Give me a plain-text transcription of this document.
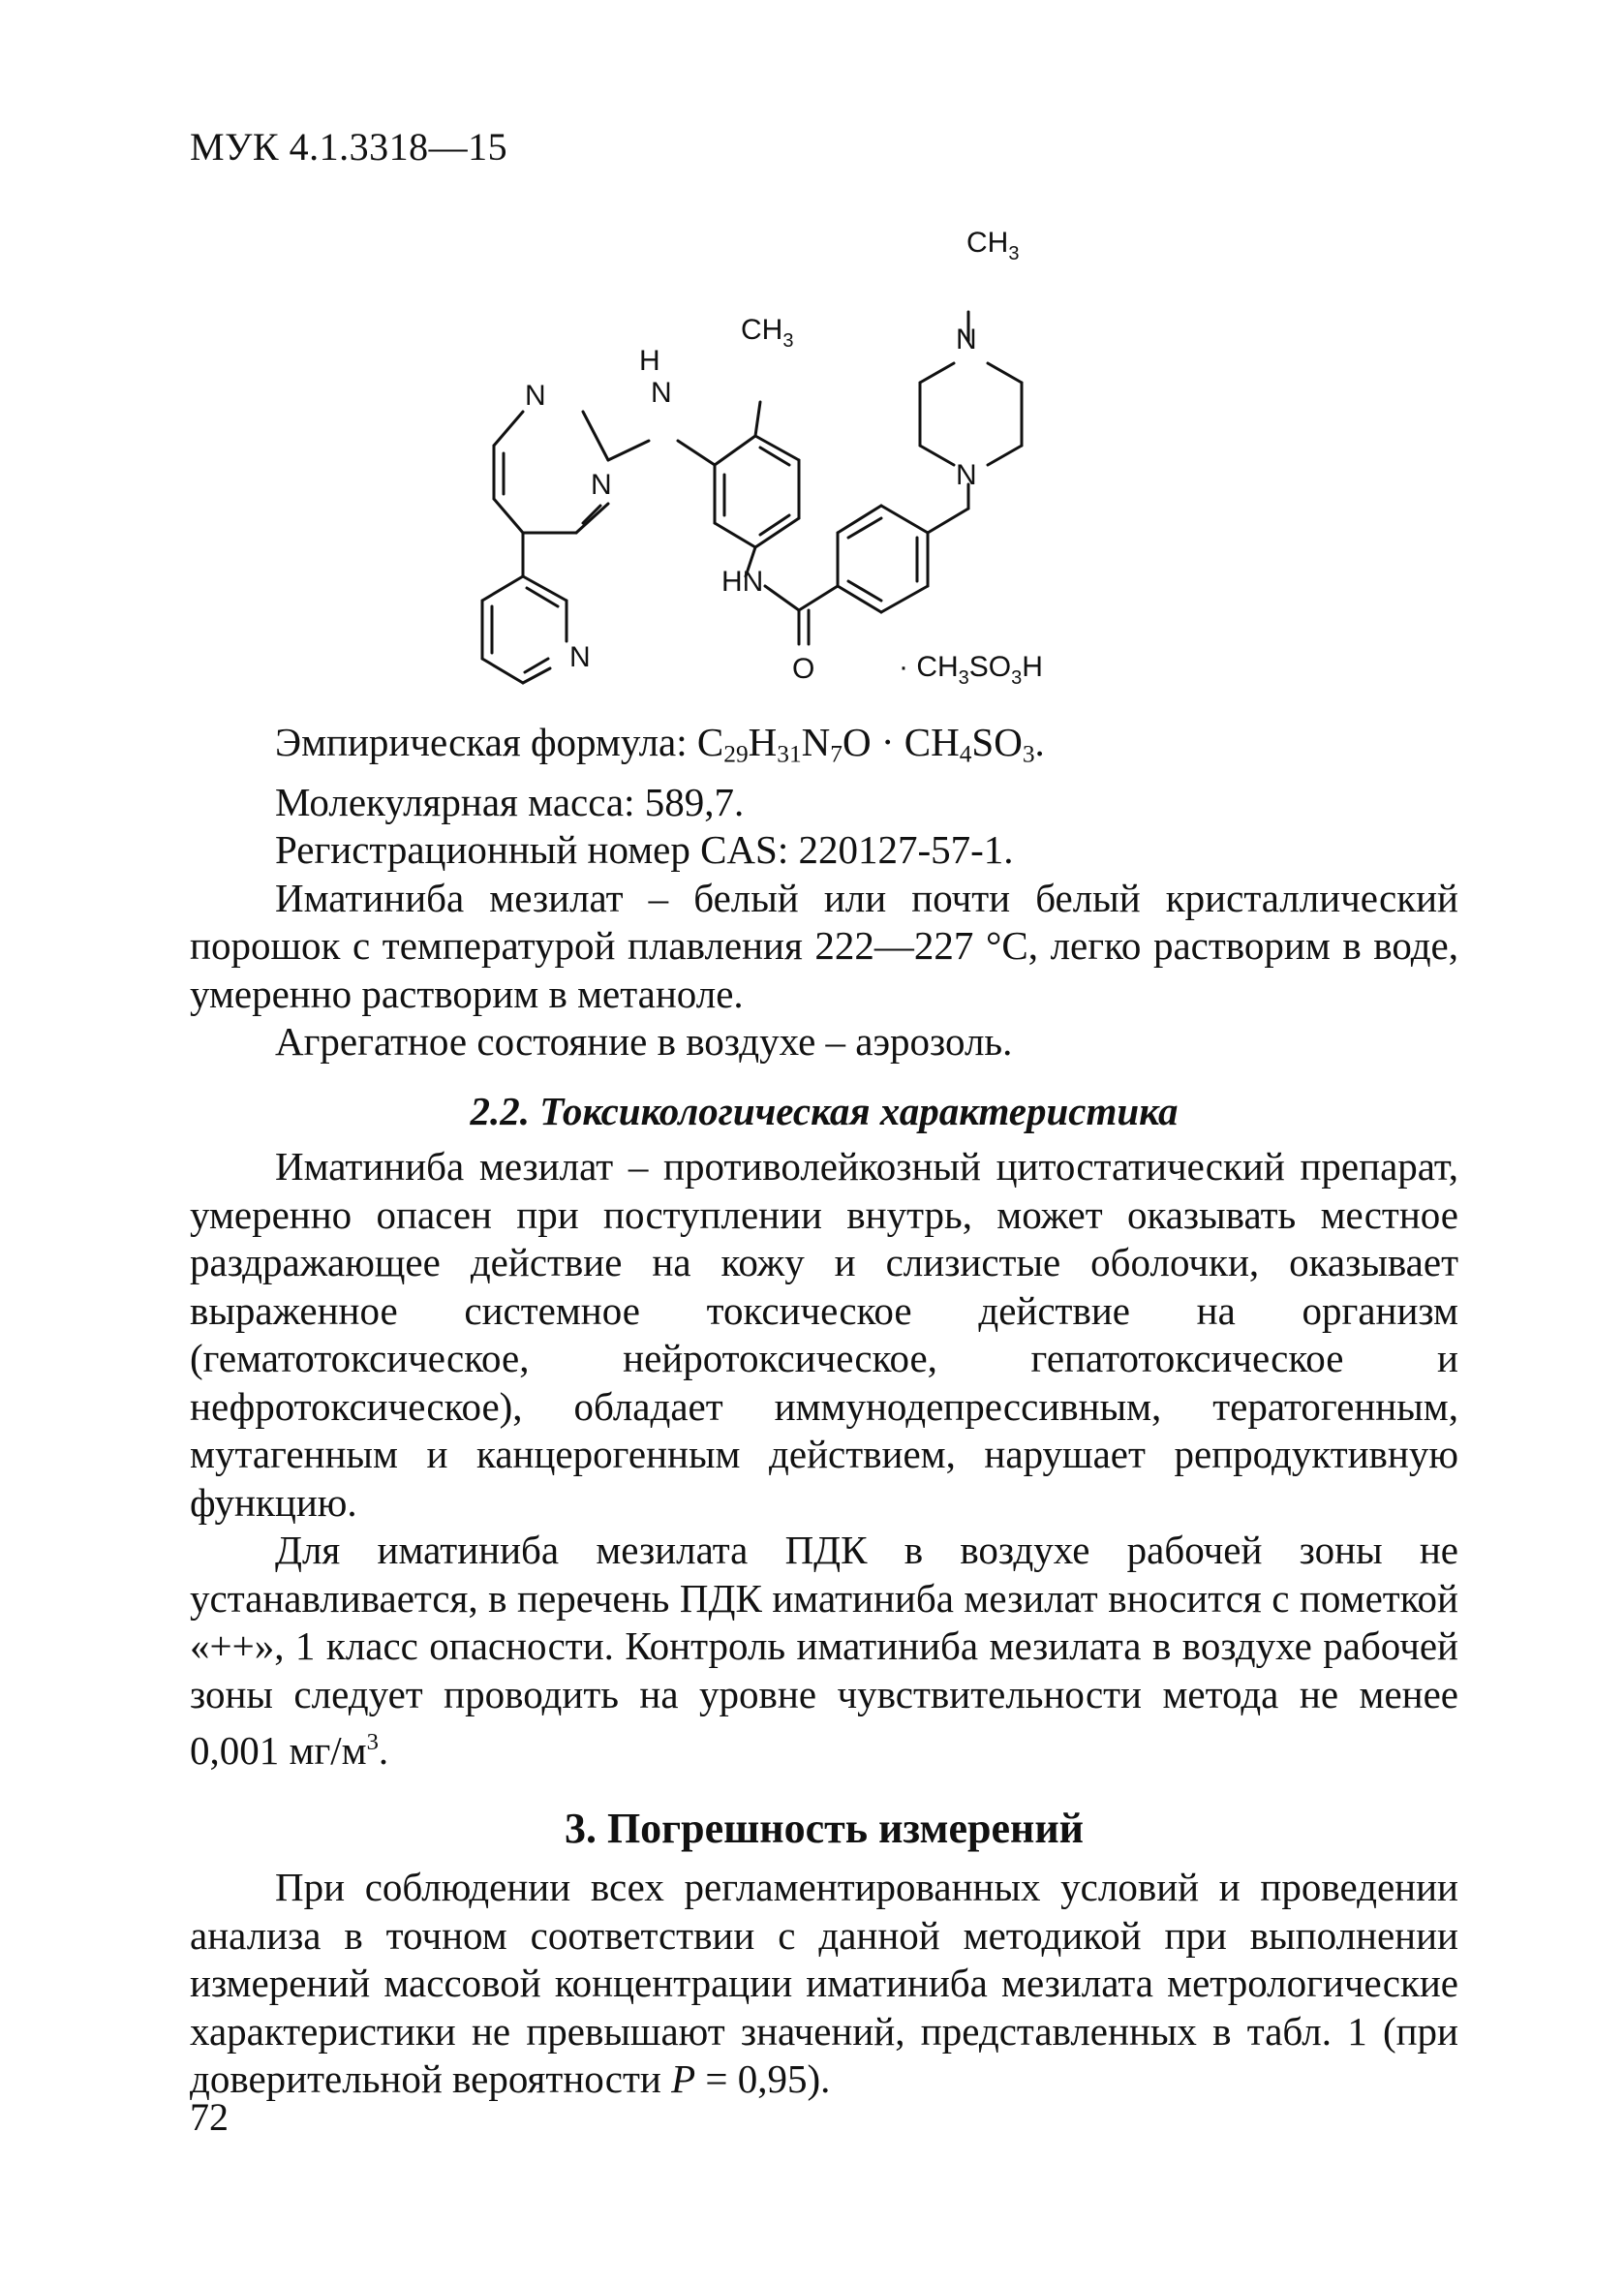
МУК 4.1.3318—15
$CH_3$
N
N
$CH_3$
H
N
N
N
HN
O
N	· $CH_3SO_3H$

Эмпирическая формула: $C_{29}H_{31}N_7O \cdot CH_4SO_3$.

Молекулярная масса: 589,7.

Регистрационный номер CAS: 220127-57-1.

Иматиниба мезилат – белый или почти белый кристаллический порошок с температурой плавления 222—227 °С, легко растворим в воде, умеренно растворим в метаноле.

Агрегатное состояние в воздухе – аэрозоль.

2.2. Токсикологическая характеристика

Иматиниба мезилат – противолейкозный цитостатический препарат, умеренно опасен при поступлении внутрь, может оказывать местное раздражающее действие на кожу и слизистые оболочки, оказывает выраженное системное токсическое действие на организм (гематотоксическое, нейротоксическое, гепатотоксическое и нефротоксическое), обладает иммунодепрессивным, тератогенным, мутагенным и канцерогенным действием, нарушает репродуктивную функцию.

Для иматиниба мезилата ПДК в воздухе рабочей зоны не устанавливается, в перечень ПДК иматиниба мезилат вносится с пометкой «++», 1 класс опасности. Контроль иматиниба мезилата в воздухе рабочей зоны следует проводить на уровне чувствительности метода не менее 0,001 $мг/м^3$.

3. Погрешность измерений

При соблюдении всех регламентированных условий и проведении анализа в точном соответствии с данной методикой при выполнении измерений массовой концентрации иматиниба мезилата метрологические характеристики не превышают значений, представленных в табл. 1 (при доверительной вероятности P = 0,95).

72
